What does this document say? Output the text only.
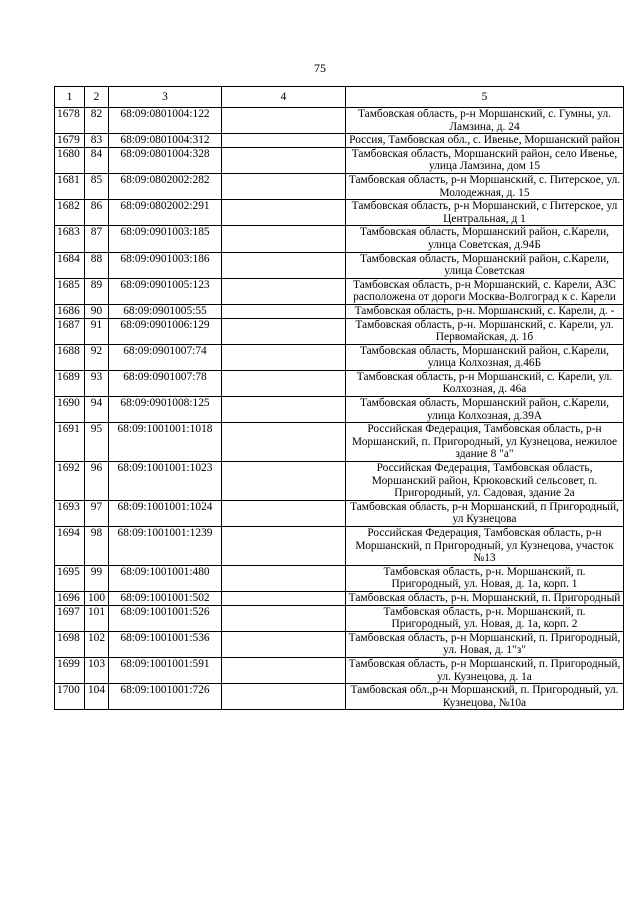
75
1	2	3	4	5
1678	82	68:09:0801004:122		Тамбовская область, р-н Моршанский, с. Гумны, ул. Ламзина, д. 24
1679	83	68:09:0801004:312		Россия, Тамбовская обл., с. Ивенье, Моршанский район
1680	84	68:09:0801004:328		Тамбовская область, Моршанский район, село Ивенье, улица Ламзина, дом 15
1681	85	68:09:0802002:282		Тамбовская область, р-н Моршанский, с. Питерское, ул. Молодежная, д. 15
1682	86	68:09:0802002:291		Тамбовская область, р-н Моршанский, с Питерское, ул Центральная, д 1
1683	87	68:09:0901003:185		Тамбовская область, Моршанский район, с.Карели, улица Советская, д.94Б
1684	88	68:09:0901003:186		Тамбовская область, Моршанский район, с.Карели, улица Советская
1685	89	68:09:0901005:123		Тамбовская область, р-н Моршанский, с. Карели, АЗС расположена от дороги Москва-Волгоград к с. Карели
1686	90	68:09:0901005:55		Тамбовская область, р-н. Моршанский, с. Карели, д. -
1687	91	68:09:0901006:129		Тамбовская область, р-н. Моршанский, с. Карели, ул. Первомайская, д. 1б
1688	92	68:09:0901007:74		Тамбовская область, Моршанский район, с.Карели, улица Колхозная, д.46Б
1689	93	68:09:0901007:78		Тамбовская область, р-н Моршанский, с. Карели, ул. Колхозная, д. 46а
1690	94	68:09:0901008:125		Тамбовская область, Моршанский район, с.Карели, улица Колхозная, д.39А
1691	95	68:09:1001001:1018		Российская Федерация, Тамбовская область, р-н Моршанский, п. Пригородный, ул Кузнецова, нежилое здание 8 "а"
1692	96	68:09:1001001:1023		Российская Федерация, Тамбовская область, Моршанский район, Крюковский сельсовет, п. Пригородный, ул. Садовая, здание 2а
1693	97	68:09:1001001:1024		Тамбовская область, р-н Моршанский, п Пригородный, ул Кузнецова
1694	98	68:09:1001001:1239		Российская Федерация, Тамбовская область, р-н Моршанский, п Пригородный, ул Кузнецова, участок №13
1695	99	68:09:1001001:480		Тамбовская область, р-н. Моршанский, п. Пригородный, ул. Новая, д. 1а, корп. 1
1696	100	68:09:1001001:502		Тамбовская область, р-н. Моршанский, п. Пригородный
1697	101	68:09:1001001:526		Тамбовская область, р-н. Моршанский, п. Пригородный, ул. Новая, д. 1а, корп. 2
1698	102	68:09:1001001:536		Тамбовская область, р-н Моршанский, п. Пригородный, ул. Новая, д. 1"з"
1699	103	68:09:1001001:591		Тамбовская область, р-н Моршанский, п. Пригородный, ул. Кузнецова, д. 1а
1700	104	68:09:1001001:726		Тамбовская обл.,р-н Моршанский, п. Пригородный, ул. Кузнецова, №10а
